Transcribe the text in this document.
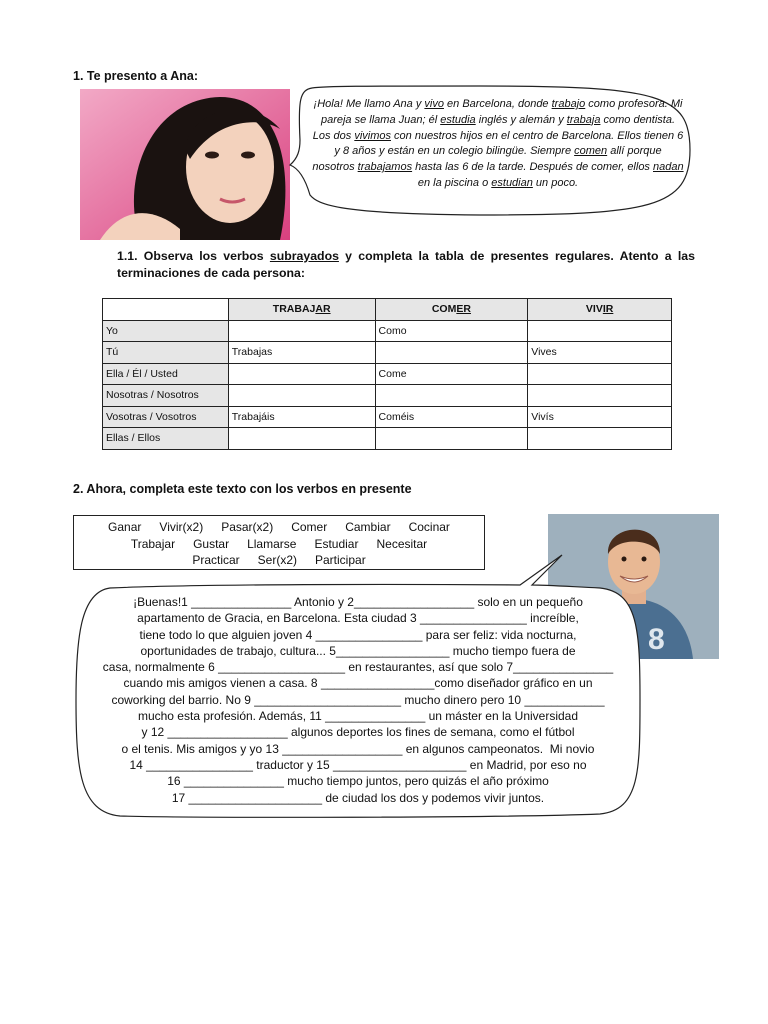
1. Te presento a Ana:
¡Hola! Me llamo Ana y vivo en Barcelona, donde trabajo como profesora. Mi pareja se llama Juan; él estudia inglés y alemán y trabaja como dentista. Los dos vivimos con nuestros hijos en el centro de Barcelona. Ellos tienen 6 y 8 años y están en un colegio bilingüe. Siempre comen allí porque nosotros trabajamos hasta las 6 de la tarde. Después de comer, ellos nadan en la piscina o estudian un poco.
1.1. Observa los verbos subrayados y completa la tabla de presentes regulares. Atento a las terminaciones de cada persona:
	TRABAJAR	COMER	VIVIR
Yo		Como	
Tú	Trabajas		Vives
Ella / Él / Usted		Come	
Nosotras / Nosotros			
Vosotras / Vosotros	Trabajáis	Coméis	Vivís
Ellas / Ellos			
2. Ahora, completa este texto con los verbos en presente
Ganar Vivir(x2) Pasar(x2) Comer Cambiar Cocinar
Trabajar Gustar Llamarse Estudiar Necesitar
Practicar Ser(x2) Participar
8
¡Buenas!1 _______________ Antonio y 2__________________ solo en un pequeño
apartamento de Gracia, en Barcelona. Esta ciudad 3 ________________ increíble,
tiene todo lo que alguien joven 4 ________________ para ser feliz: vida nocturna,
oportunidades de trabajo, cultura... 5_________________ mucho tiempo fuera de
casa, normalmente 6 ___________________ en restaurantes, así que solo 7_______________
cuando mis amigos vienen a casa. 8 _________________como diseñador gráfico en un
coworking del barrio. No 9 ______________________ mucho dinero pero 10 ____________
mucho esta profesión. Además, 11 _______________ un máster en la Universidad
y 12 __________________ algunos deportes los fines de semana, como el fútbol
o el tenis. Mis amigos y yo 13 __________________ en algunos campeonatos.  Mi novio
14 ________________ traductor y 15 ____________________ en Madrid, por eso no
16 _______________ mucho tiempo juntos, pero quizás el año próximo
17 ____________________ de ciudad los dos y podemos vivir juntos.
